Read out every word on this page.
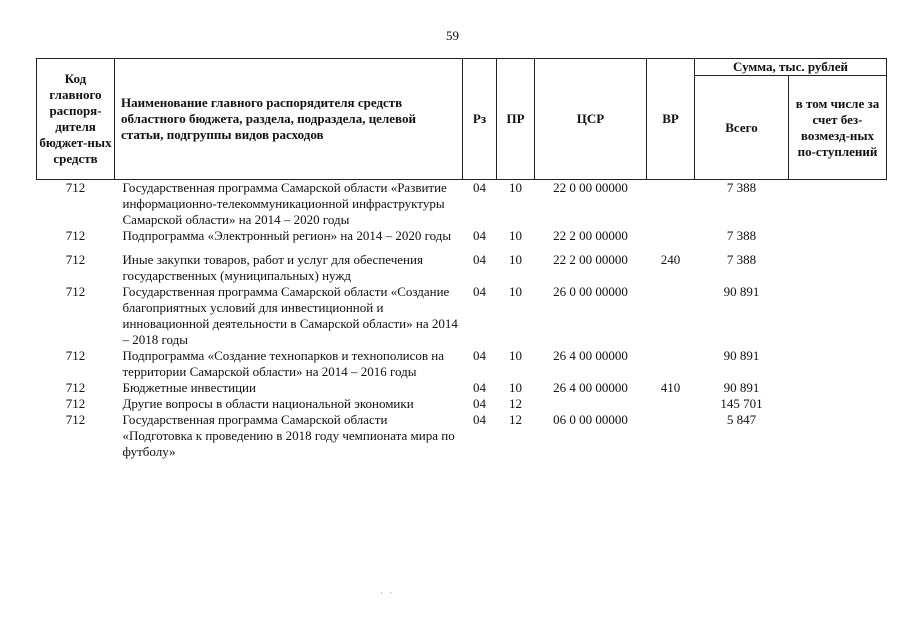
59
Код главного распоря-дителя бюджет-ных средств	Наименование главного распорядителя средств областного бюджета, раздела, подраздела, целевой статьи, подгруппы видов расходов	Рз	ПР	ЦСР	ВР	Сумма, тыс. рублей	
						Всего	в том числе за счет без-возмезд-ных по-ступлений
712	Государственная программа Самарской области «Развитие информационно-телекоммуникационной инфраструктуры Самарской области» на 2014 – 2020 годы	04	10	22 0 00 00000		7 388	
712	Подпрограмма «Электронный регион» на 2014 – 2020 годы	04	10	22 2 00 00000		7 388	
712	Иные закупки товаров, работ и услуг для обеспечения государственных (муниципальных) нужд	04	10	22 2 00 00000	240	7 388	
712	Государственная программа Самарской области «Создание благоприятных условий для инвестиционной и инновационной деятельности в Самарской области» на 2014 – 2018 годы	04	10	26 0 00 00000		90 891	
712	Подпрограмма «Создание технопарков и технополисов на территории Самарской области» на 2014 – 2016 годы	04	10	26 4 00 00000		90 891	
712	Бюджетные инвестиции	04	10	26 4 00 00000	410	90 891	
712	Другие вопросы в области национальной экономики	04	12			145 701	
712	Государственная программа Самарской области «Подготовка к проведению в 2018 году чемпионата мира по футболу»	04	12	06 0 00 00000		5 847	
· ·
